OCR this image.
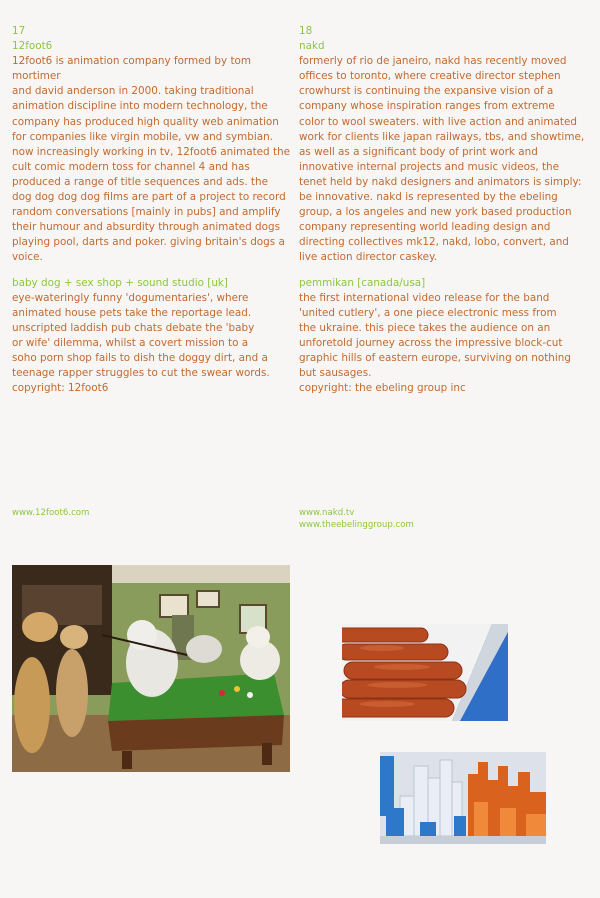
17
12foot6

12foot6 is animation company formed by tom mortimer
and david anderson in 2000. taking traditional
animation discipline into modern technology, the
company has produced high quality web animation
for companies like virgin mobile, vw and symbian.
now increasingly working in tv, 12foot6 animated the
cult comic modern toss for channel 4 and has
produced a range of title sequences and ads. the
dog dog dog dog films are part of a project to record
random conversations [mainly in pubs] and amplify
their humour and absurdity through animated dogs
playing pool, darts and poker. giving britain's dogs a
voice.

baby dog + sex shop + sound studio [uk]

eye-wateringly funny 'dogumentaries', where
animated house pets take the reportage lead.
unscripted laddish pub chats debate the 'baby
or wife' dilemma, whilst a covert mission to a
soho porn shop fails to dish the doggy dirt, and a
teenage rapper struggles to cut the swear words.
copyright: 12foot6

www.12foot6.com
18
nakd

formerly of rio de janeiro, nakd has recently moved
offices to toronto, where creative director stephen
crowhurst is continuing the expansive vision of a
company whose inspiration ranges from extreme
color to wool sweaters. with live action and animated
work for clients like japan railways, tbs, and showtime,
as well as a significant body of print work and
innovative internal projects and music videos, the
tenet held by nakd designers and animators is simply:
be innovative. nakd is represented by the ebeling
group, a los angeles and new york based production
company representing world leading design and
directing collectives mk12, nakd, lobo, convert, and
live action director caskey.

pemmikan [canada/usa]

the first international video release for the band
'united cutlery', a one piece electronic mess from
the ukraine. this piece takes the audience on an
unforetold journey across the impressive block-cut
graphic hills of eastern europe, surviving on nothing
but sausages.
copyright: the ebeling group inc

www.nakd.tv
www.theebelinggroup.com
